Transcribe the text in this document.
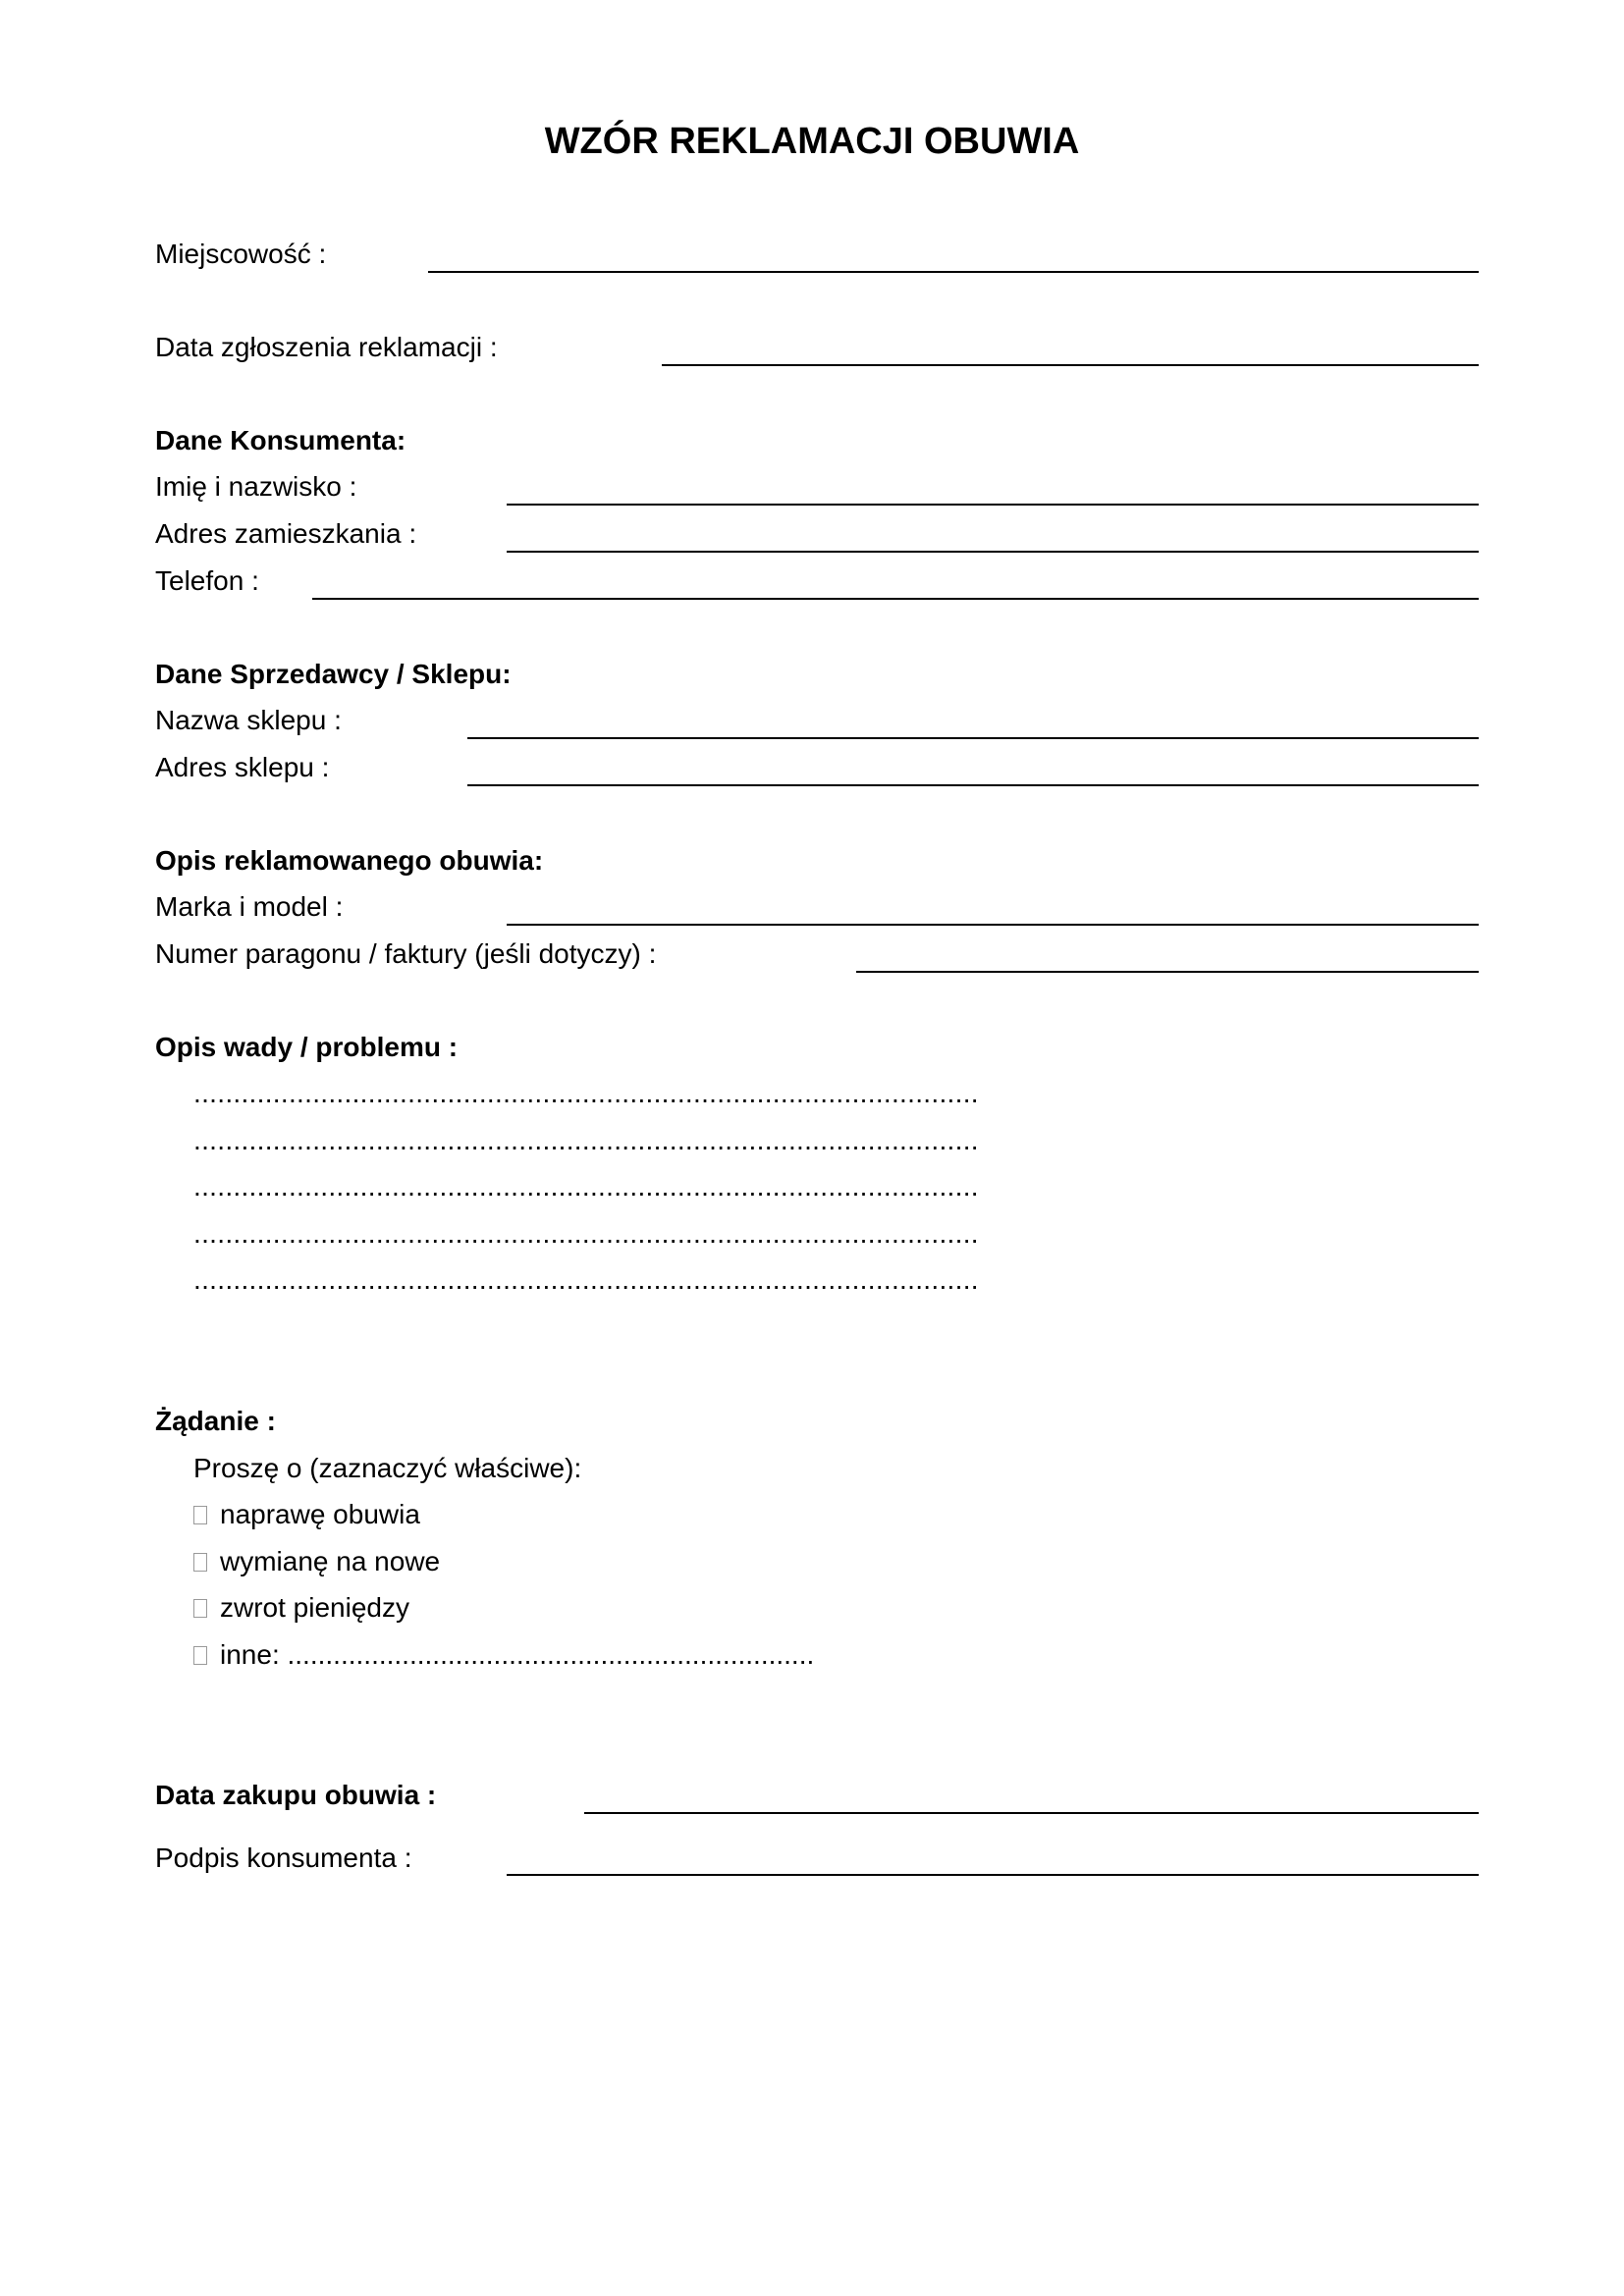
WZÓR REKLAMACJI OBUWIA
Miejscowość :
Data zgłoszenia reklamacji :
Dane Konsumenta:
Imię i nazwisko :
Adres zamieszkania :
Telefon :
Dane Sprzedawcy / Sklepu:
Nazwa sklepu :
Adres sklepu :
Opis reklamowanego obuwia:
Marka i model :
Numer paragonu / faktury (jeśli dotyczy) :
Opis wady / problemu :
...................................................................................................
...................................................................................................
...................................................................................................
...................................................................................................
...................................................................................................
Żądanie :
Proszę o (zaznaczyć właściwe):
naprawę obuwia
wymianę na nowe
zwrot pieniędzy
inne: .....................................................................
Data zakupu obuwia :
Podpis konsumenta :
